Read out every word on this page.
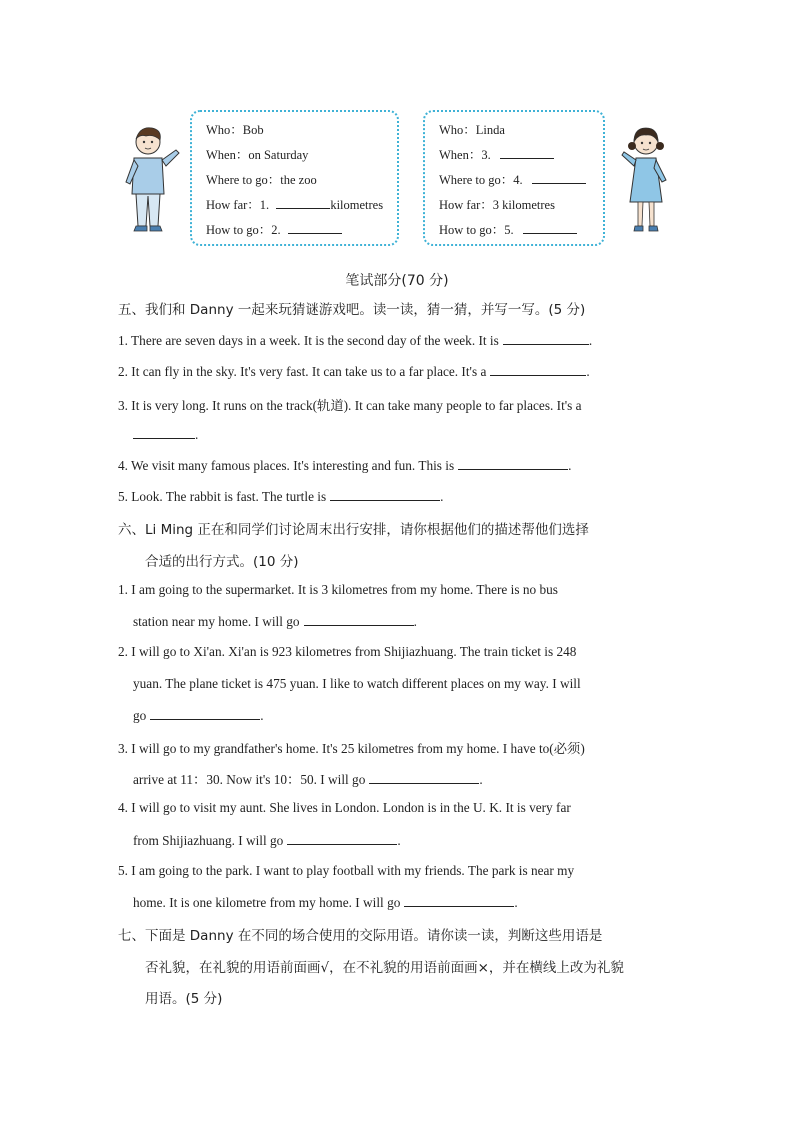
Who：Bob
When：on Saturday
Where to go：the zoo
How far：1.	kilometres
How to go：2.
Who：Linda
When：3.
Where to go：4.
How far：3 kilometres
How to go：5.
笔试部分(70 分)
五、我们和 Danny 一起来玩猜谜游戏吧。读一读，猜一猜，并写一写。(5 分)
1. There are seven days in a week. It is the second day of the week. It is	.
2. It can fly in the sky. It's very fast. It can take us to a far place. It's a	.
3. It is very long. It runs on the track(轨道). It can take many people to far places. It's a
.
4. We visit many famous places. It's interesting and fun. This is	.
5. Look. The rabbit is fast. The turtle is	.
六、Li Ming 正在和同学们讨论周末出行安排，请你根据他们的描述帮他们选择
合适的出行方式。(10 分)
1. I am going to the supermarket. It is 3 kilometres from my home. There is no bus
station near my home. I will go	.
2. I will go to Xi'an. Xi'an is 923 kilometres from Shijiazhuang. The train ticket is 248
yuan. The plane ticket is 475 yuan. I like to watch different places on my way. I will
go	.
3. I will go to my grandfather's home. It's 25 kilometres from my home. I have to(必须)
arrive at 11：30. Now it's 10：50. I will go	.
4. I will go to visit my aunt. She lives in London. London is in the U. K. It is very far
from Shijiazhuang. I will go	.
5. I am going to the park. I want to play football with my friends. The park is near my
home. It is one kilometre from my home. I will go	.
七、下面是 Danny 在不同的场合使用的交际用语。请你读一读，判断这些用语是
否礼貌，在礼貌的用语前面画√，在不礼貌的用语前面画×，并在横线上改为礼貌
用语。(5 分)
